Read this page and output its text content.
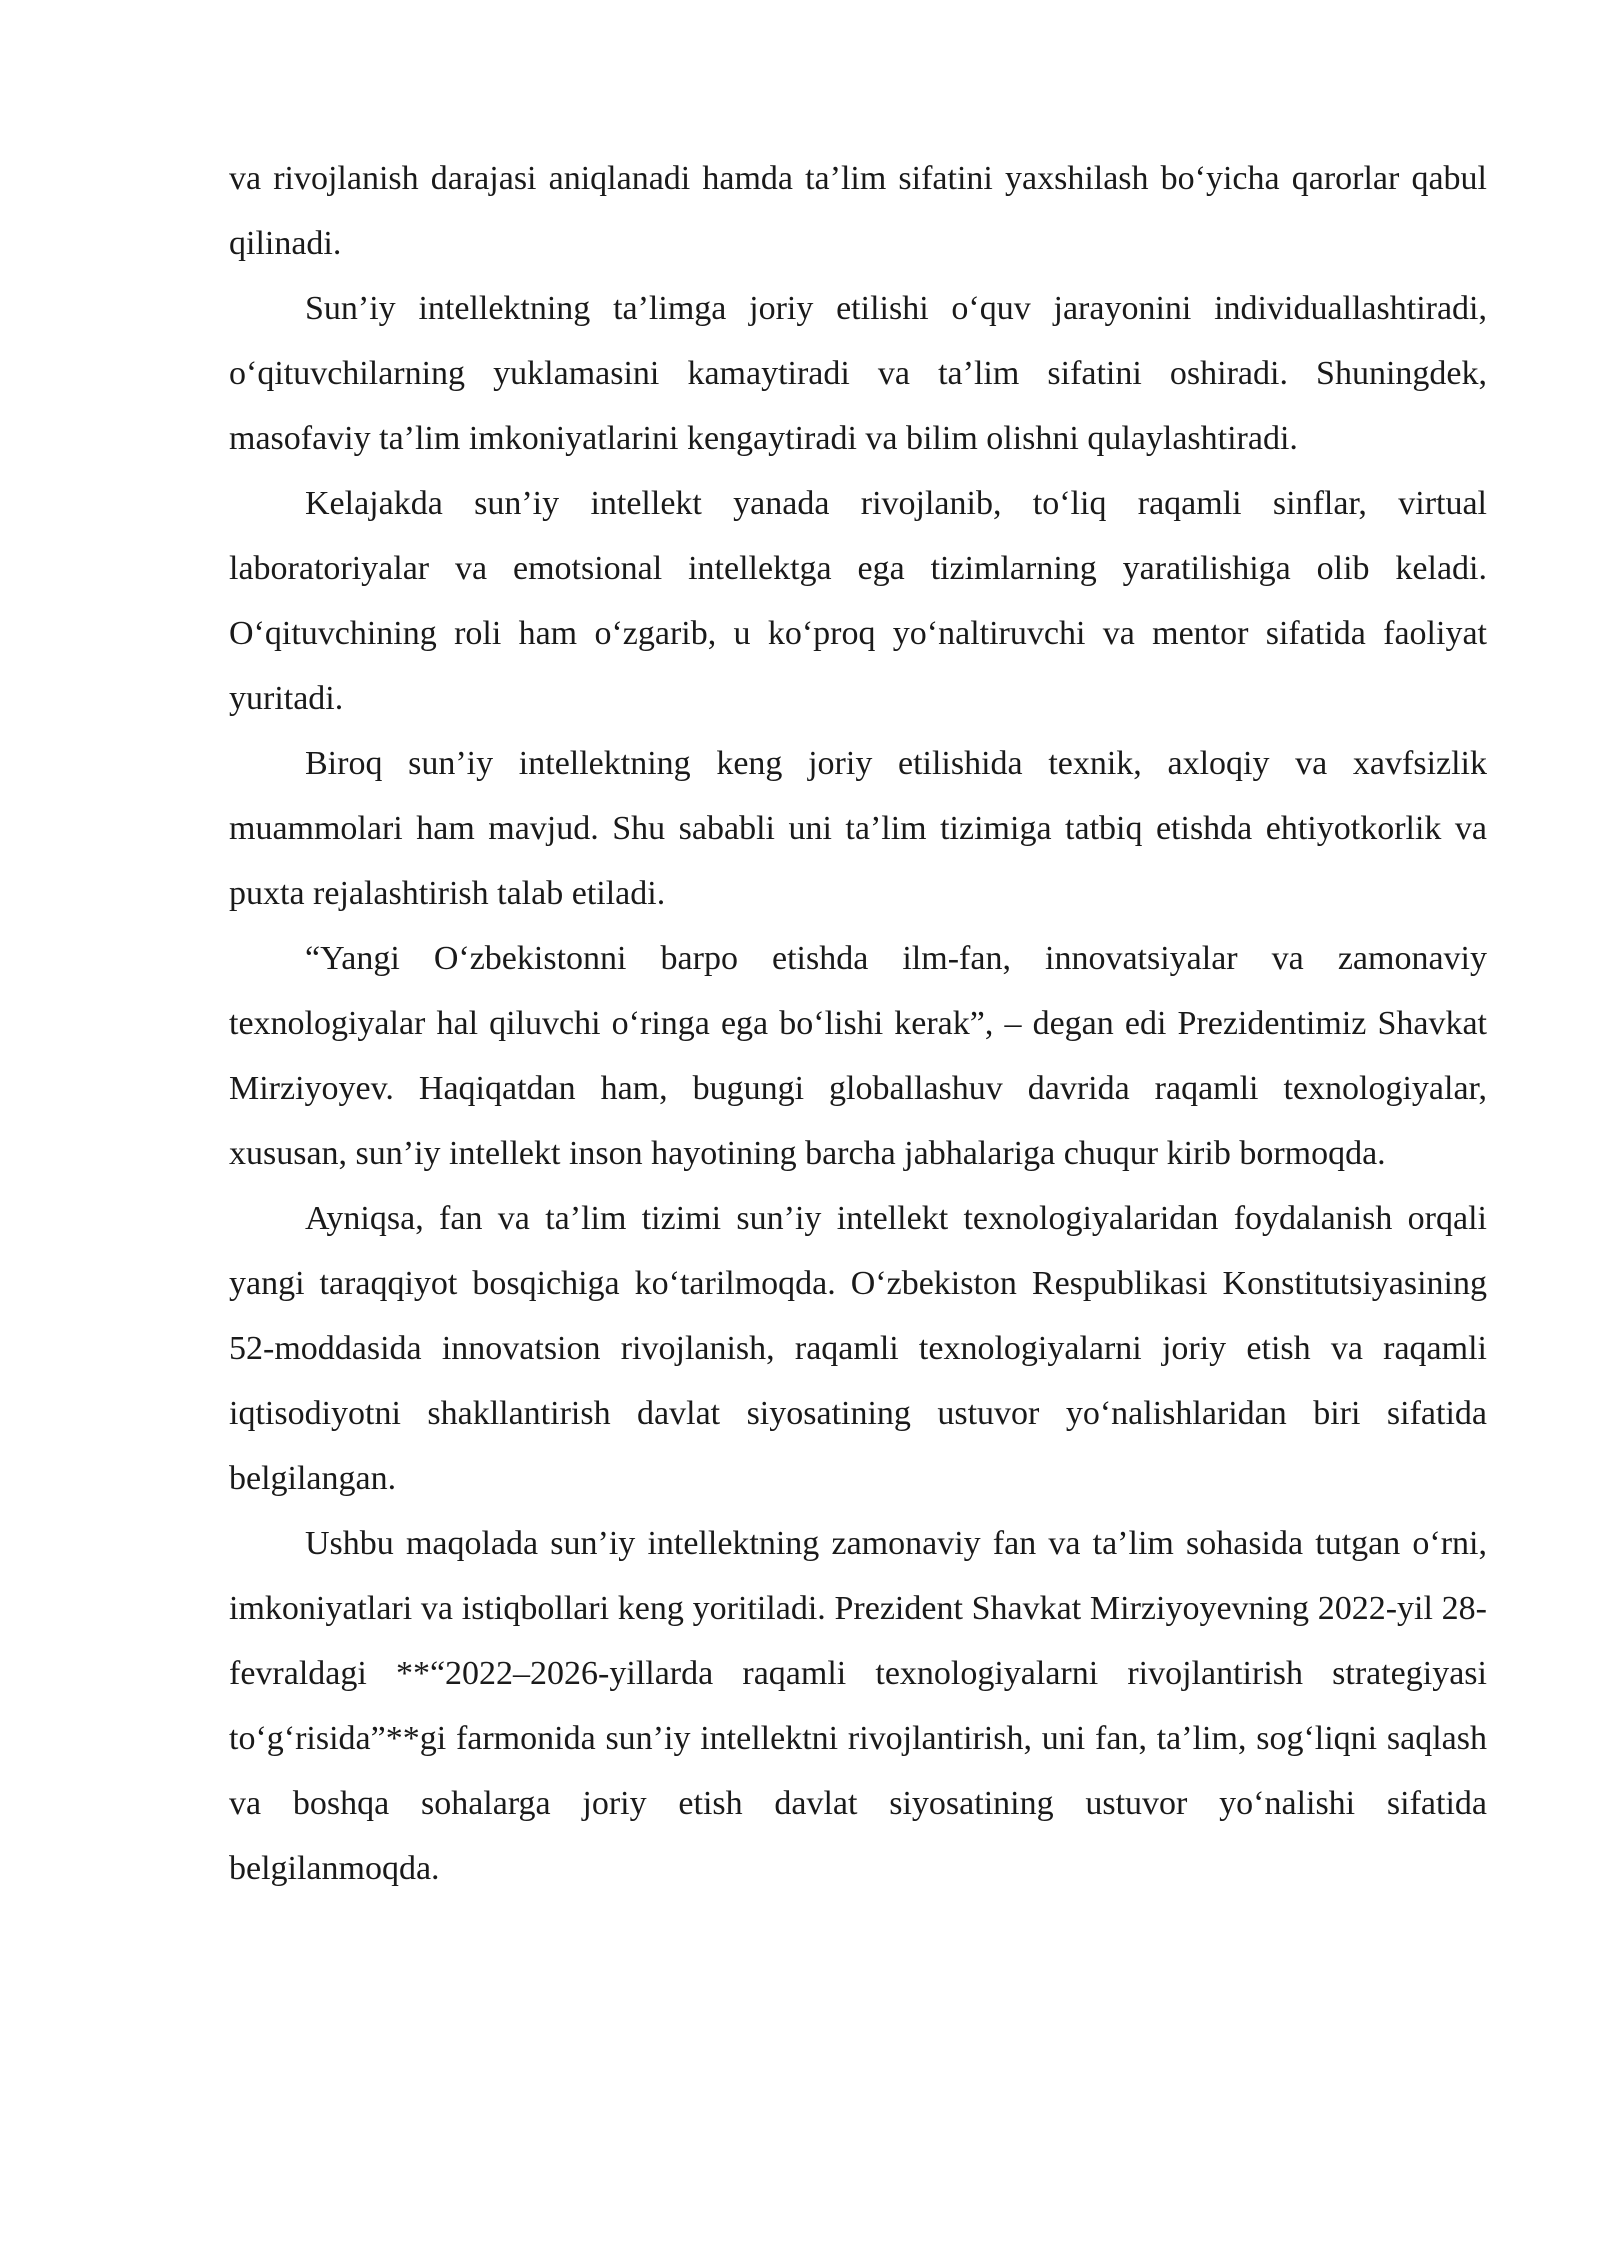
va rivojlanish darajasi aniqlanadi hamda ta’lim sifatini yaxshilash bo‘yicha qarorlar qabul qilinadi.

Sun’iy intellektning ta’limga joriy etilishi o‘quv jarayonini individuallashtiradi, o‘qituvchilarning yuklamasini kamaytiradi va ta’lim sifatini oshiradi. Shuningdek, masofaviy ta’lim imkoniyatlarini kengaytiradi va bilim olishni qulaylashtiradi.

Kelajakda sun’iy intellekt yanada rivojlanib, to‘liq raqamli sinflar, virtual laboratoriyalar va emotsional intellektga ega tizimlarning yaratilishiga olib keladi. O‘qituvchining roli ham o‘zgarib, u ko‘proq yo‘naltiruvchi va mentor sifatida faoliyat yuritadi.

Biroq sun’iy intellektning keng joriy etilishida texnik, axloqiy va xavfsizlik muammolari ham mavjud. Shu sababli uni ta’lim tizimiga tatbiq etishda ehtiyotkorlik va puxta rejalashtirish talab etiladi.

“Yangi O‘zbekistonni barpo etishda ilm-fan, innovatsiyalar va zamonaviy texnologiyalar hal qiluvchi o‘ringa ega bo‘lishi kerak”, – degan edi Prezidentimiz Shavkat Mirziyoyev. Haqiqatdan ham, bugungi globallashuv davrida raqamli texnologiyalar, xususan, sun’iy intellekt inson hayotining barcha jabhalariga chuqur kirib bormoqda.

Ayniqsa, fan va ta’lim tizimi sun’iy intellekt texnologiyalaridan foydalanish orqali yangi taraqqiyot bosqichiga ko‘tarilmoqda. O‘zbekiston Respublikasi Konstitutsiyasining 52-moddasida innovatsion rivojlanish, raqamli texnologiyalarni joriy etish va raqamli iqtisodiyotni shakllantirish davlat siyosatining ustuvor yo‘nalishlaridan biri sifatida belgilangan.

Ushbu maqolada sun’iy intellektning zamonaviy fan va ta’lim sohasida tutgan o‘rni, imkoniyatlari va istiqbollari keng yoritiladi. Prezident Shavkat Mirziyoyevning 2022-yil 28-fevraldagi **“2022–2026-yillarda raqamli texnologiyalarni rivojlantirish strategiyasi to‘g‘risida”**gi farmonida sun’iy intellektni rivojlantirish, uni fan, ta’lim, sog‘liqni saqlash va boshqa sohalarga joriy etish davlat siyosatining ustuvor yo‘nalishi sifatida belgilanmoqda.
